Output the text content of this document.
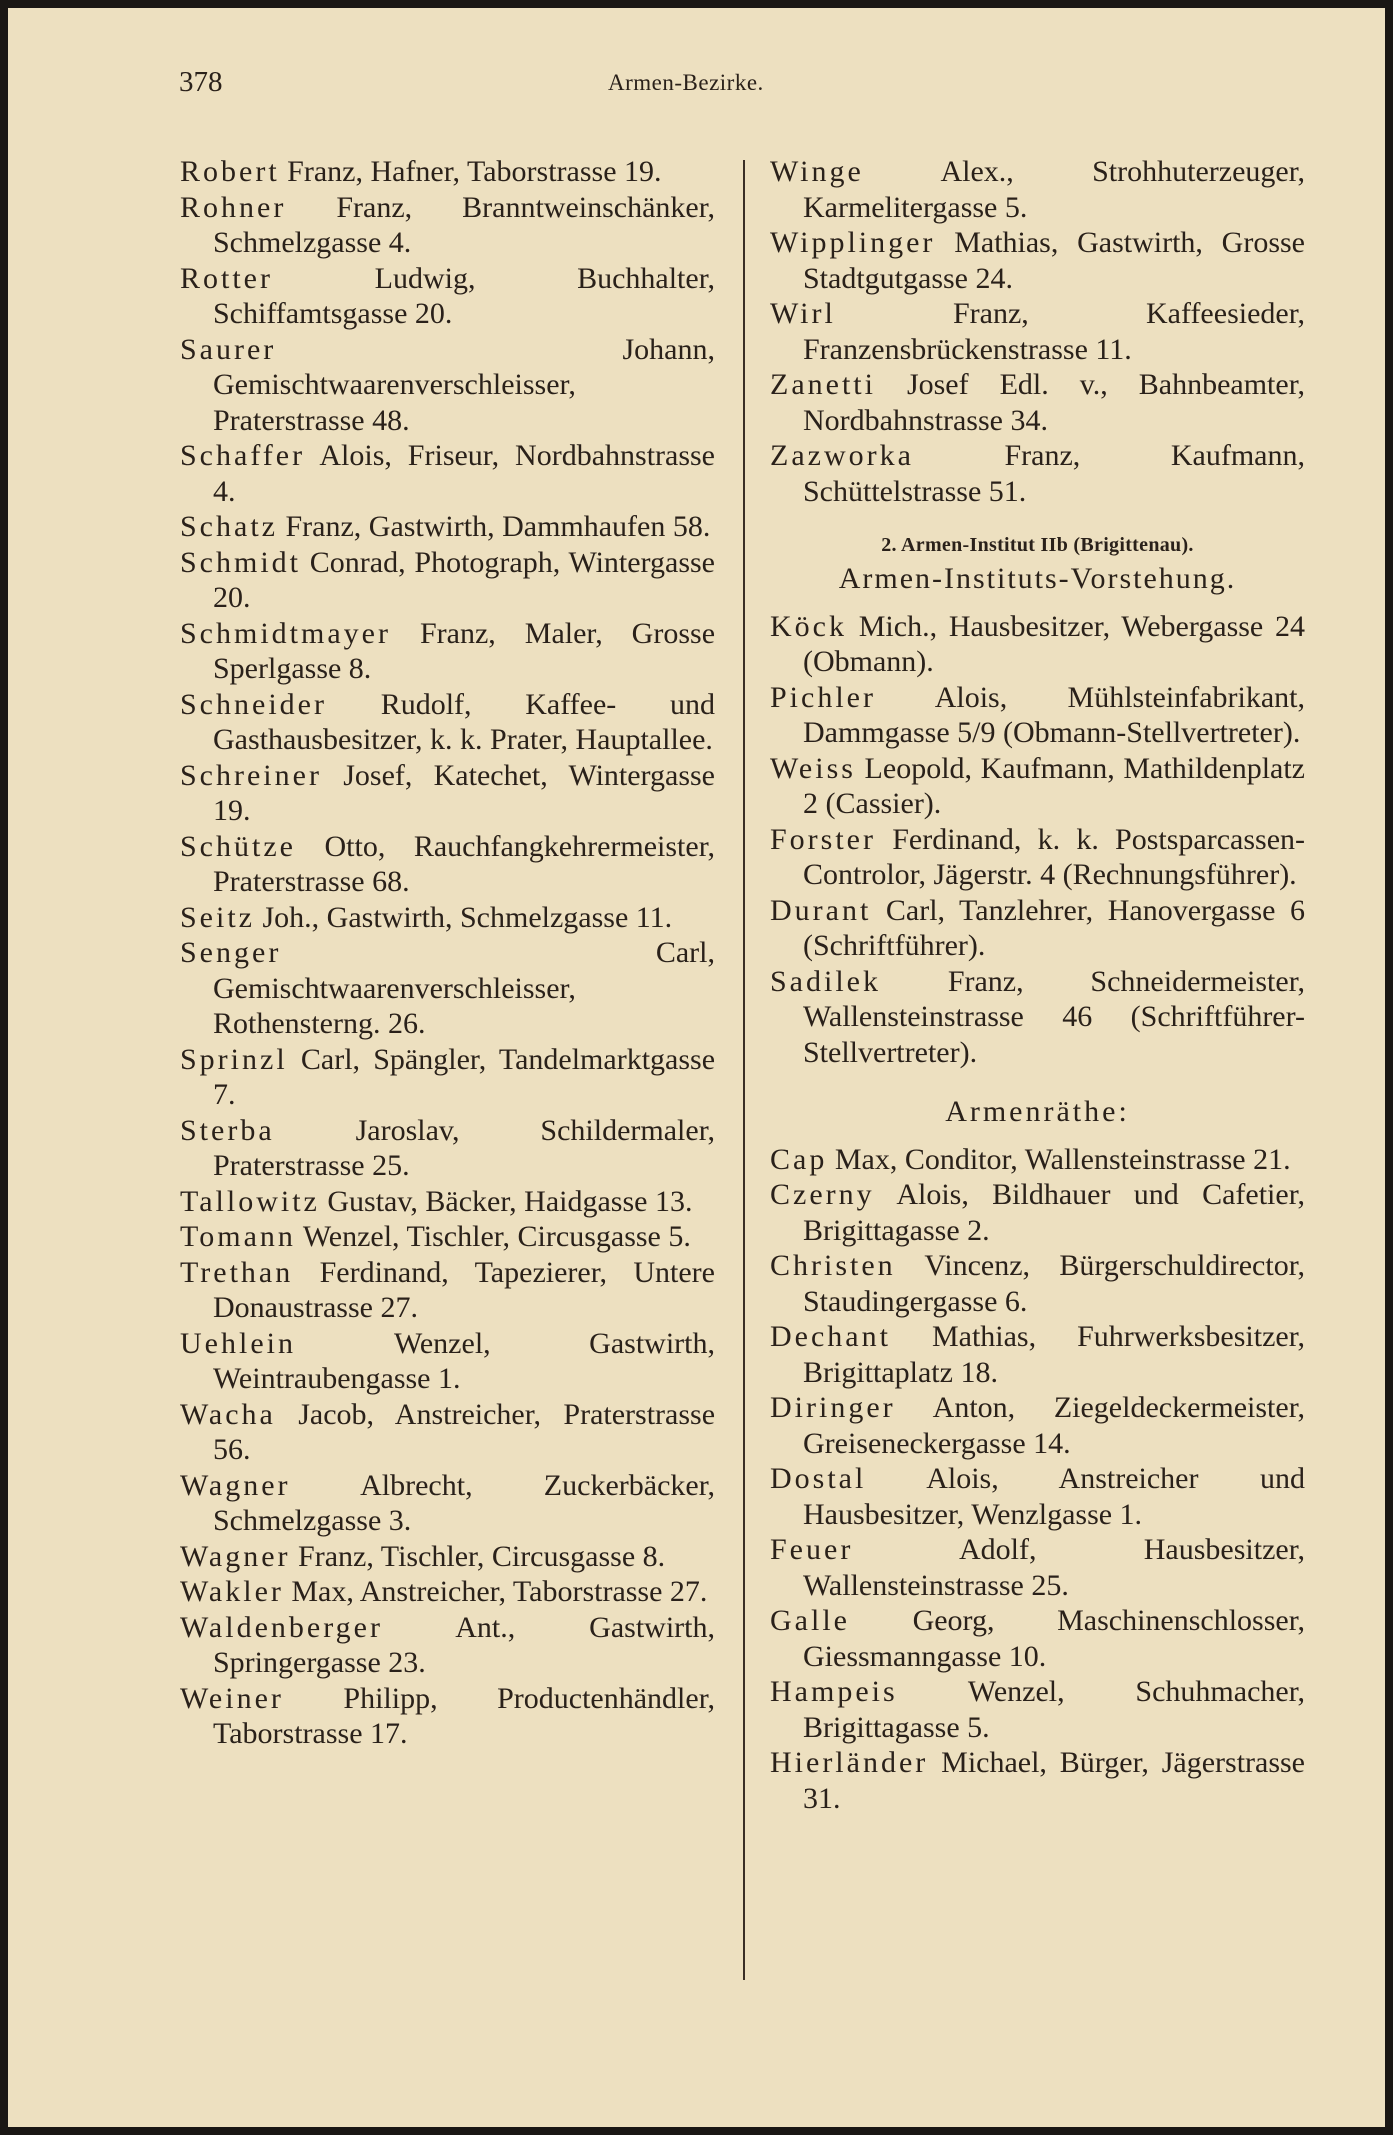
378	Armen-Bezirke.
Robert Franz, Hafner, Taborstrasse 19.
Rohner Franz, Branntweinschänker, Schmelzgasse 4.
Rotter	Ludwig, Buchhalter, Schiffamtsgasse 20.
Saurer	Johann, Gemischtwaarenverschleisser, Praterstrasse 48.
Schaffer Alois, Friseur, Nordbahnstrasse 4.
Schatz Franz, Gastwirth, Dammhaufen 58.
Schmidt Conrad, Photograph, Wintergasse 20.
Schmidtmayer Franz, Maler, Grosse Sperlgasse 8.
Schneider Rudolf, Kaffee- und Gasthausbesitzer, k. k. Prater, Hauptallee.
Schreiner Josef, Katechet, Wintergasse 19.
Schütze Otto, Rauchfangkehrermeister, Praterstrasse 68.
Seitz Joh., Gastwirth, Schmelzgasse 11.
Senger	Carl, Gemischtwaarenverschleisser, Rothensterng. 26.
Sprinzl Carl, Spängler, Tandelmarktgasse 7.
Sterba	Jaroslav, Schildermaler, Praterstrasse 25.
Tallowitz Gustav, Bäcker, Haidgasse 13.
Tomann Wenzel, Tischler, Circusgasse 5.
Trethan Ferdinand, Tapezierer, Untere Donaustrasse 27.
Uehlein	Wenzel, Gastwirth, Weintraubengasse 1.
Wacha Jacob, Anstreicher, Praterstrasse 56.
Wagner Albrecht, Zuckerbäcker, Schmelzgasse 3.
Wagner Franz, Tischler, Circusgasse 8.
Wakler Max, Anstreicher, Taborstrasse 27.
Waldenberger Ant., Gastwirth, Springergasse 23.
Weiner Philipp, Productenhändler, Taborstrasse 17.
Winge	Alex., Strohhuterzeuger, Karmelitergasse 5.
Wipplinger Mathias, Gastwirth, Grosse Stadtgutgasse 24.
Wirl	Franz, Kaffeesieder, Franzensbrückenstrasse 11.
Zanetti Josef Edl. v., Bahnbeamter, Nordbahnstrasse 34.
Zazworka	Franz, Kaufmann, Schüttelstrasse 51.
2. Armen-Institut IIb (Brigittenau).
Armen-Instituts-Vorstehung.
Köck Mich., Hausbesitzer, Webergasse 24 (Obmann).
Pichler Alois, Mühlsteinfabrikant, Dammgasse 5/9 (Obmann-Stellvertreter).
Weiss Leopold, Kaufmann, Mathildenplatz 2 (Cassier).
Forster Ferdinand, k. k. Postsparcassen-Controlor, Jägerstr. 4 (Rechnungsführer).
Durant Carl, Tanzlehrer, Hanovergasse 6 (Schriftführer).
Sadilek Franz, Schneidermeister, Wallensteinstrasse 46 (Schriftführer-Stellvertreter).
Armenräthe:
Cap Max, Conditor, Wallensteinstrasse 21.
Czerny Alois, Bildhauer und Cafetier, Brigittagasse 2.
Christen Vincenz, Bürgerschuldirector, Staudingergasse 6.
Dechant Mathias, Fuhrwerksbesitzer, Brigittaplatz 18.
Diringer Anton, Ziegeldeckermeister, Greiseneckergasse 14.
Dostal Alois, Anstreicher und Hausbesitzer, Wenzlgasse 1.
Feuer	Adolf, Hausbesitzer, Wallensteinstrasse 25.
Galle Georg, Maschinenschlosser, Giessmanngasse 10.
Hampeis Wenzel, Schuhmacher, Brigittagasse 5.
Hierländer Michael, Bürger, Jägerstrasse 31.
